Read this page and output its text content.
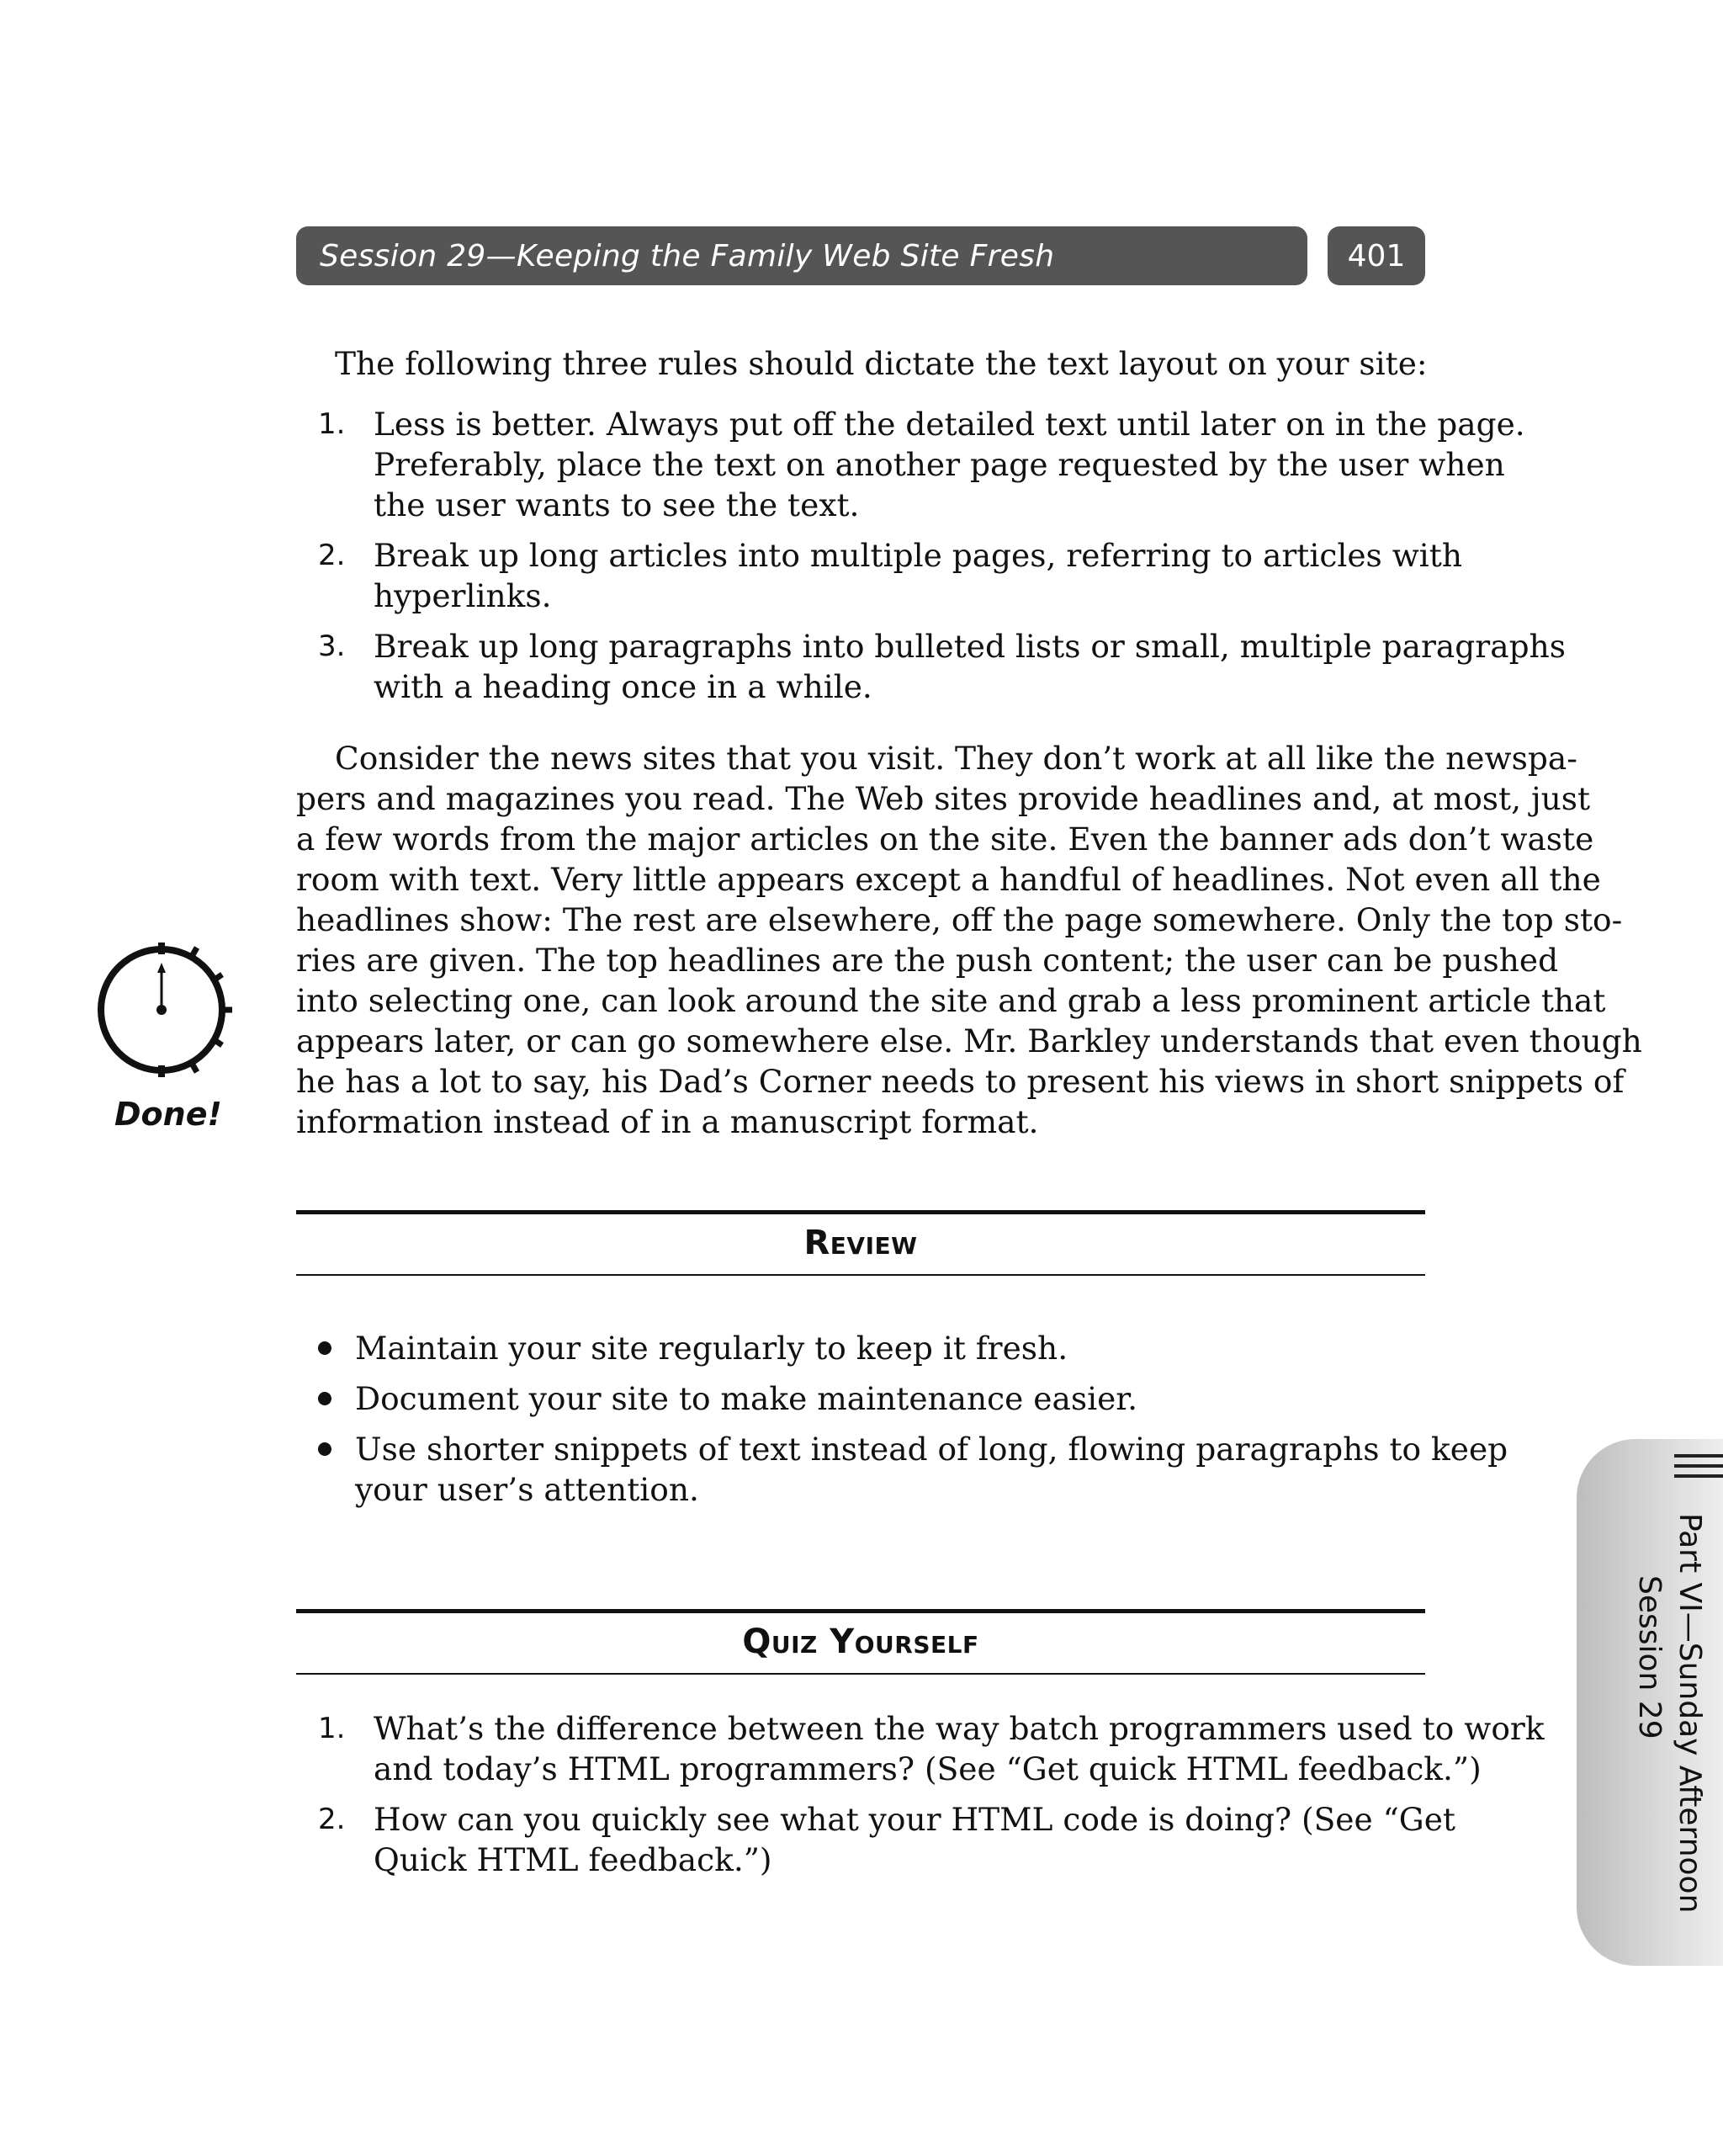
Session 29—Keeping the Family Web Site Fresh	401

The following three rules should dictate the text layout on your site:

1. Less is better. Always put off the detailed text until later on in the page.
Preferably, place the text on another page requested by the user when
the user wants to see the text.
2. Break up long articles into multiple pages, referring to articles with
hyperlinks.
3. Break up long paragraphs into bulleted lists or small, multiple paragraphs
with a heading once in a while.
Consider the news sites that you visit. They don’t work at all like the newspa-
pers and magazines you read. The Web sites provide headlines and, at most, just
a few words from the major articles on the site. Even the banner ads don’t waste
room with text. Very little appears except a handful of headlines. Not even all the
headlines show: The rest are elsewhere, off the page somewhere. Only the top sto-
ries are given. The top headlines are the push content; the user can be pushed
into selecting one, can look around the site and grab a less prominent article that
appears later, or can go somewhere else. Mr. Barkley understands that even though
he has a lot to say, his Dad’s Corner needs to present his views in short snippets of
information instead of in a manuscript format.
Done!
Review
Maintain your site regularly to keep it fresh.
Document your site to make maintenance easier.
Use shorter snippets of text instead of long, flowing paragraphs to keep
your user’s attention.
Quiz Yourself
1. What’s the difference between the way batch programmers used to work
and today’s HTML programmers? (See “Get quick HTML feedback.”)
2. How can you quickly see what your HTML code is doing? (See “Get
Quick HTML feedback.”)	Part VI—Sunday Afternoon
Session 29
